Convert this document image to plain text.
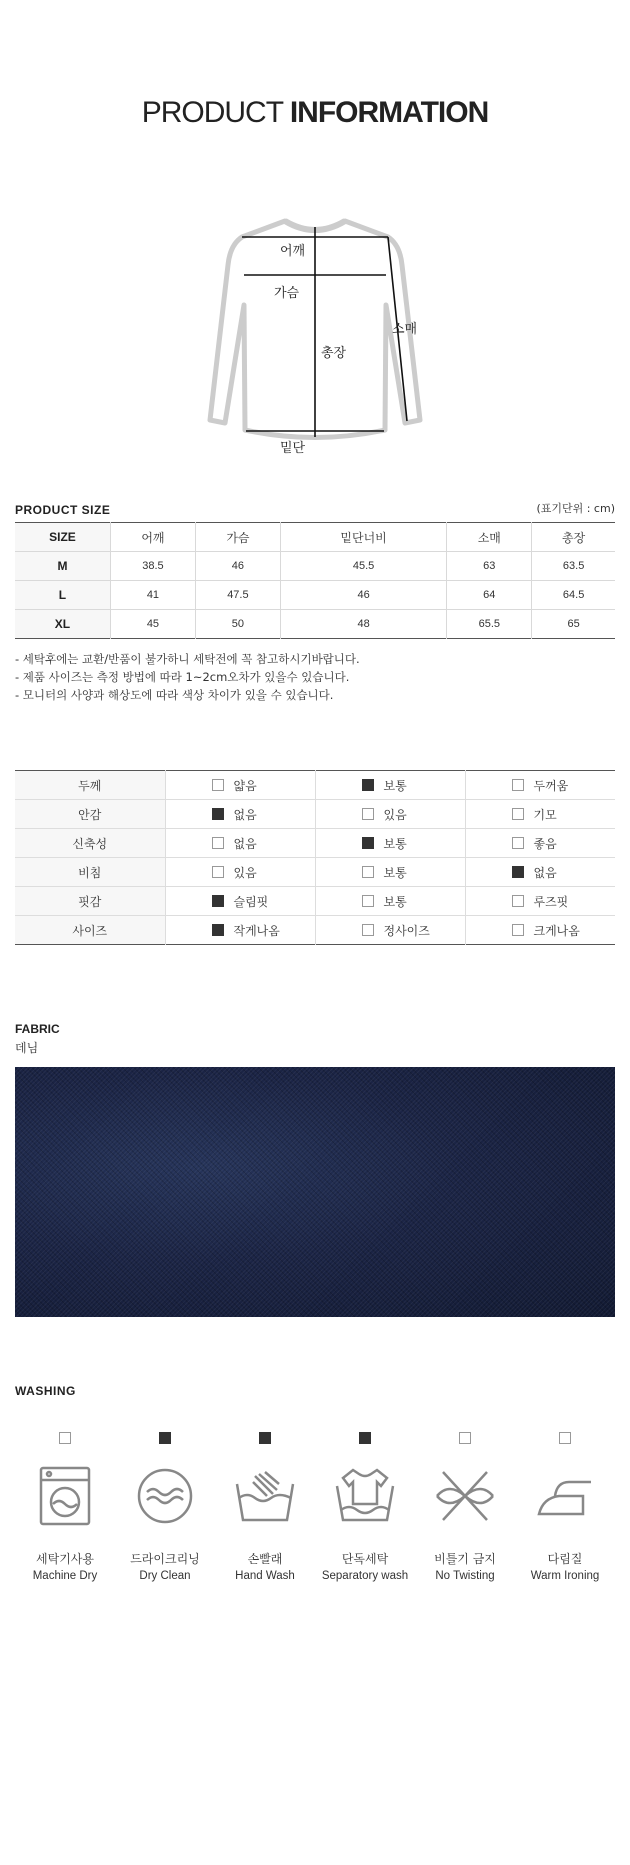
PRODUCT INFORMATION
어깨
가슴
총장
소매
밑단
PRODUCT SIZE	(표기단위 : cm)
SIZE	어깨	가슴	밑단너비	소매	총장
M	38.5	46	45.5	63	63.5
L	41	47.5	46	64	64.5
XL	45	50	48	65.5	65
- 세탁후에는 교환/반품이 불가하니 세탁전에 꼭 참고하시기바랍니다.
- 제품 사이즈는 측정 방법에 따라 1~2cm오차가 있을수 있습니다.
- 모니터의 사양과 해상도에 따라 색상 차이가 있을 수 있습니다.
두께	얇음	보통	두꺼움

안감	없음	있음	기모

신축성	없음	보통	좋음

비침	있음	보통	없음

핏감	슬림핏	보통	루즈핏

사이즈	작게나옴	정사이즈	크게나옴
FABRIC
데님
WASHING
세탁기사용
Machine Dry
드라이크리닝
Dry Clean
손빨래
Hand Wash
단독세탁
Separatory wash
비틀기 금지
No Twisting
다림질
Warm Ironing
